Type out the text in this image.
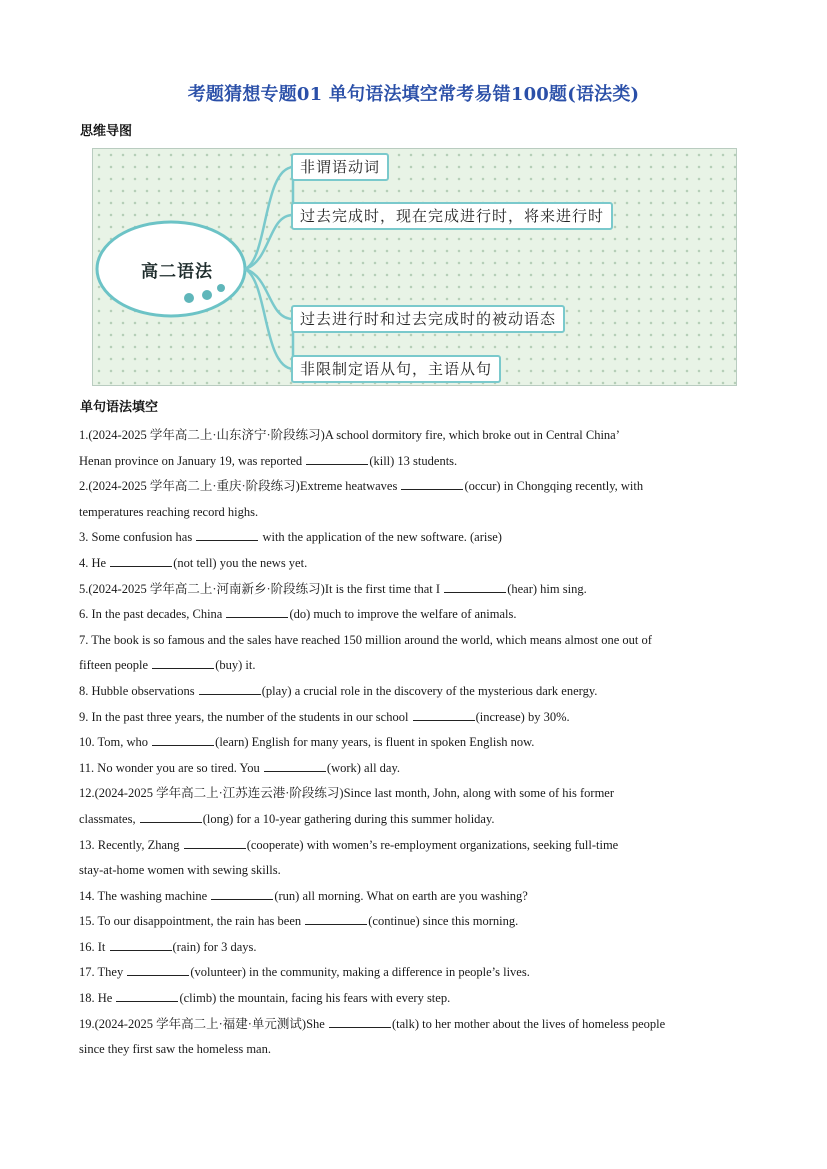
考题猜想专题01 单句语法填空常考易错100题(语法类)
思维导图
高二语法
非谓语动词
过去完成时，现在完成进行时，将来进行时
过去进行时和过去完成时的被动语态
非限制定语从句，主语从句
单句语法填空
1.(2024-2025 学年高二上·山东济宁·阶段练习)A school dormitory fire, which broke out in Central China’
Henan province on January 19, was reported	(kill) 13 students.
2.(2024-2025 学年高二上·重庆·阶段练习)Extreme heatwaves	(occur) in Chongqing recently, with
temperatures reaching record highs.
3. Some confusion has	with the application of the new software. (arise)
4. He	(not tell) you the news yet.
5.(2024-2025 学年高二上·河南新乡·阶段练习)It is the first time that I	(hear) him sing.
6. In the past decades, China	(do) much to improve the welfare of animals.
7. The book is so famous and the sales have reached 150 million around the world, which means almost one out of
fifteen people	(buy) it.
8. Hubble observations	(play) a crucial role in the discovery of the mysterious dark energy.
9. In the past three years, the number of the students in our school	(increase) by 30%.
10. Tom, who	(learn) English for many years, is fluent in spoken English now.
11. No wonder you are so tired. You	(work) all day.
12.(2024-2025 学年高二上·江苏连云港·阶段练习)Since last month, John, along with some of his former
classmates,	(long) for a 10-year gathering during this summer holiday.
13. Recently, Zhang	(cooperate) with women’s re-employment organizations, seeking full-time
stay-at-home women with sewing skills.
14. The washing machine	(run) all morning. What on earth are you washing?
15. To our disappointment, the rain has been	(continue) since this morning.
16. It	(rain) for 3 days.
17. They	(volunteer) in the community, making a difference in people’s lives.
18. He	(climb) the mountain, facing his fears with every step.
19.(2024-2025 学年高二上·福建·单元测试)She	(talk) to her mother about the lives of homeless people
since they first saw the homeless man.
